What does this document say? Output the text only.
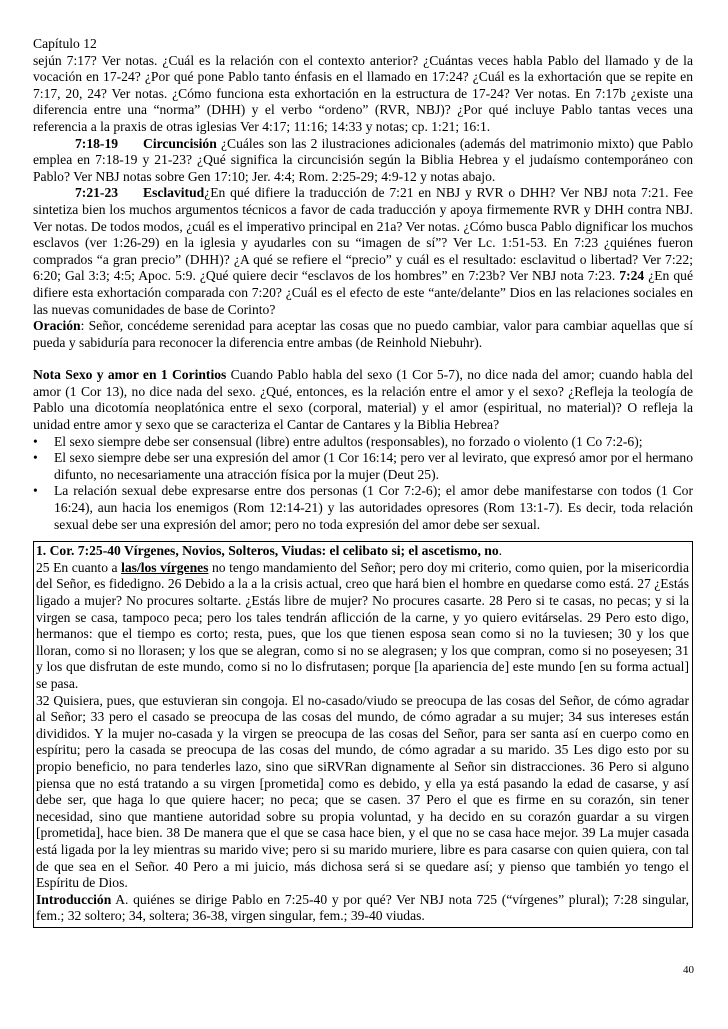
Capítulo 12

sejún 7:17? Ver notas. ¿Cuál es la relación con el contexto anterior? ¿Cuántas veces habla Pablo del llamado y de la vocación en 17-24? ¿Por qué pone Pablo tanto énfasis en el llamado en 17:24? ¿Cuál es la exhortación que se repite en 7:17, 20, 24? Ver notas. ¿Cómo funciona esta exhortación en la estructura de 17-24? Ver notas. En 7:17b ¿existe una diferencia entre una “norma” (DHH) y el verbo “ordeno” (RVR, NBJ)? ¿Por qué incluye Pablo tantas veces una referencia a la praxis de otras iglesias Ver 4:17; 11:16; 14:33 y notas; cp. 1:21; 16:1.

7:18-19 Circuncisión ¿Cuáles son las 2 ilustraciones adicionales (además del matrimonio mixto) que Pablo emplea en 7:18-19 y 21-23? ¿Qué significa la circuncisión según la Biblia Hebrea y el judaísmo contemporáneo con Pablo? Ver NBJ notas sobre Gen 17:10; Jer. 4:4; Rom. 2:25-29; 4:9-12 y notas abajo.

7:21-23 Esclavitud¿En qué difiere la traducción de 7:21 en NBJ y RVR o DHH? Ver NBJ nota 7:21. Fee sintetiza bien los muchos argumentos técnicos a favor de cada traducción y apoya firmemente RVR y DHH contra NBJ. Ver notas. De todos modos, ¿cuál es el imperativo principal en 21a? Ver notas. ¿Cómo busca Pablo dignificar los muchos esclavos (ver 1:26-29) en la iglesia y ayudarles con su “imagen de sí”? Ver Lc. 1:51-53. En 7:23 ¿quiénes fueron comprados “a gran precio” (DHH)? ¿A qué se refiere el “precio” y cuál es el resultado: esclavitud o libertad? Ver 7:22; 6:20; Gal 3:3; 4:5; Apoc. 5:9. ¿Qué quiere decir “esclavos de los hombres” en 7:23b? Ver NBJ nota 7:23. 7:24 ¿En qué difiere esta exhortación comparada con 7:20? ¿Cuál es el efecto de este “ante/delante” Dios en las relaciones sociales en las nuevas comunidades de base de Corinto?

Oración: Señor, concédeme serenidad para aceptar las cosas que no puedo cambiar, valor para cambiar aquellas que sí pueda y sabiduría para reconocer la diferencia entre ambas (de Reinhold Niebuhr).

Nota Sexo y amor en 1 Corintios Cuando Pablo habla del sexo (1 Cor 5-7), no dice nada del amor; cuando habla del amor (1 Cor 13), no dice nada del sexo. ¿Qué, entonces, es la relación entre el amor y el sexo? ¿Refleja la teología de Pablo una dicotomía neoplatónica entre el sexo (corporal, material) y el amor (espiritual, no material)? O refleja la unidad entre amor y sexo que se caracteriza el Cantar de Cantares y la Biblia Hebrea?

• El sexo siempre debe ser consensual (libre) entre adultos (responsables), no forzado o violento (1 Co 7:2-6);
• El sexo siempre debe ser una expresión del amor (1 Cor 16:14; pero ver al levirato, que expresó amor por el hermano difunto, no necesariamente una atracción física por la mujer (Deut 25).
• La relación sexual debe expresarse entre dos personas (1 Cor 7:2-6); el amor debe manifestarse con todos (1 Cor 16:24), aun hacia los enemigos (Rom 12:14-21) y las autoridades opresores (Rom 13:1-7). Es decir, toda relación sexual debe ser una expresión del amor; pero no toda expresión del amor debe ser sexual.

1. Cor. 7:25-40 Vírgenes, Novios, Solteros, Viudas: el celibato si; el ascetismo, no.

25 En cuanto a las/los vírgenes no tengo mandamiento del Señor; pero doy mi criterio, como quien, por la misericordia del Señor, es fidedigno. 26 Debido a la a la crisis actual, creo que hará bien el hombre en quedarse como está. 27 ¿Estás ligado a mujer? No procures soltarte. ¿Estás libre de mujer? No procures casarte. 28 Pero si te casas, no pecas; y si la virgen se casa, tampoco peca; pero los tales tendrán aflicción de la carne, y yo quiero evitárselas. 29 Pero esto digo, hermanos: que el tiempo es corto; resta, pues, que los que tienen esposa sean como si no la tuviesen; 30 y los que lloran, como si no llorasen; y los que se alegran, como si no se alegrasen; y los que compran, como si no poseyesen; 31 y los que disfrutan de este mundo, como si no lo disfrutasen; porque [la apariencia de] este mundo [en su forma actual] se pasa.

32 Quisiera, pues, que estuvieran sin congoja. El no-casado/viudo se preocupa de las cosas del Señor, de cómo agradar al Señor; 33 pero el casado se preocupa de las cosas del mundo, de cómo agradar a su mujer; 34 sus intereses están divididos. Y la mujer no-casada y la virgen se preocupa de las cosas del Señor, para ser santa así en cuerpo como en espíritu; pero la casada se preocupa de las cosas del mundo, de cómo agradar a su marido. 35 Les digo esto por su propio beneficio, no para tenderles lazo, sino que siRVRan dignamente al Señor sin distracciones. 36 Pero si alguno piensa que no está tratando a su virgen [prometida] como es debido, y ella ya está pasando la edad de casarse, y así debe ser, que haga lo que quiere hacer; no peca; que se casen. 37 Pero el que es firme en su corazón, sin tener necesidad, sino que mantiene autoridad sobre su propia voluntad, y ha decido en su corazón guardar a su virgen [prometida], hace bien. 38 De manera que el que se casa hace bien, y el que no se casa hace mejor. 39 La mujer casada está ligada por la ley mientras su marido vive; pero si su marido muriere, libre es para casarse con quien quiera, con tal de que sea en el Señor. 40 Pero a mi juicio, más dichosa será si se quedare así; y pienso que también yo tengo el Espíritu de Dios.

Introducción A. quiénes se dirige Pablo en 7:25-40 y por qué? Ver NBJ nota 725 (“vírgenes” plural); 7:28 singular, fem.; 32 soltero; 34, soltera; 36-38, virgen singular, fem.; 39-40 viudas.

40
